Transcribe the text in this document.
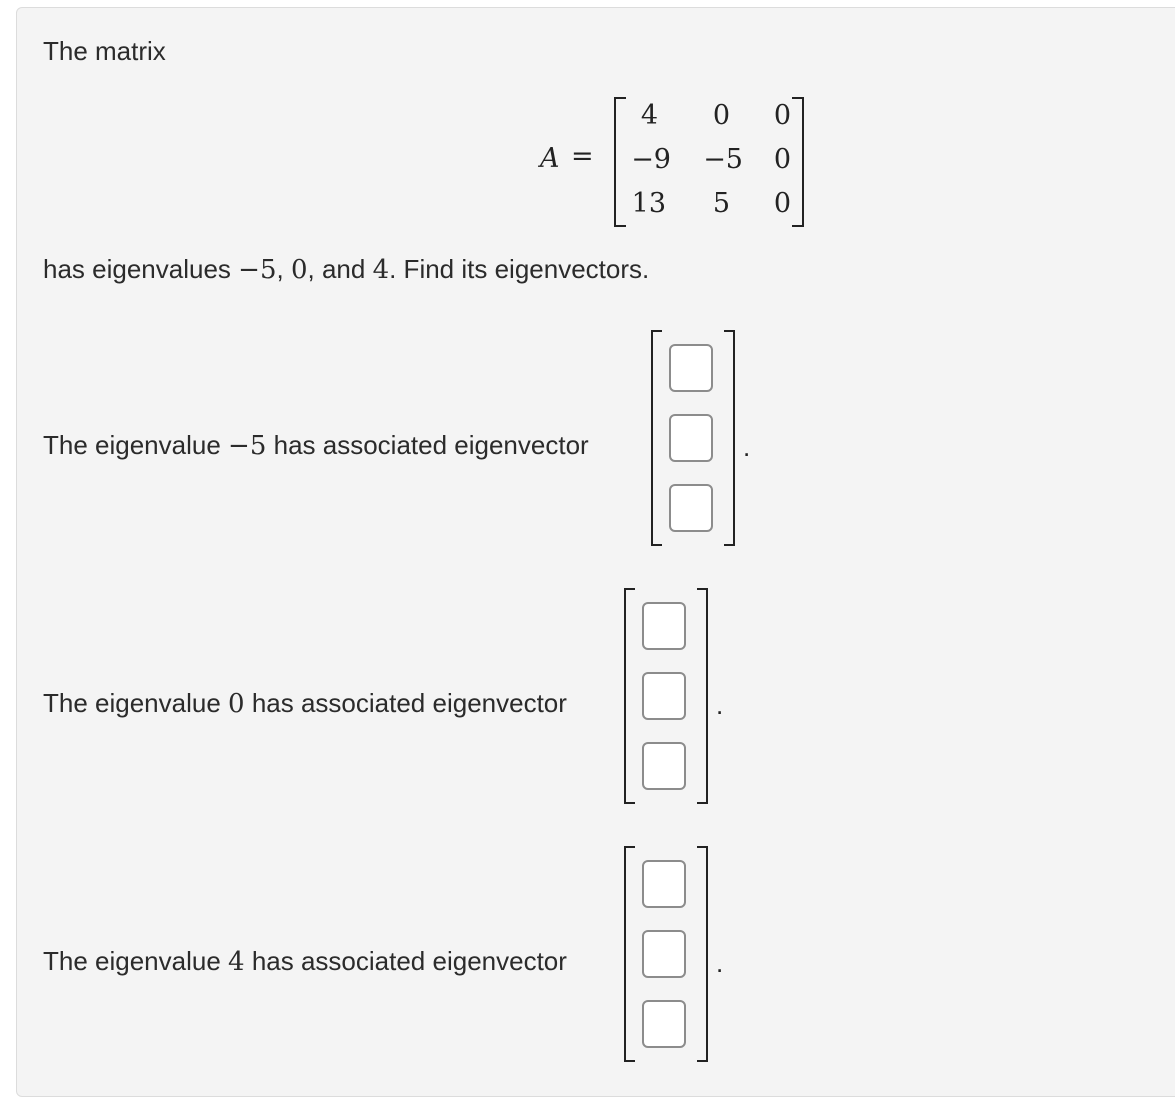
The matrix
A =
4	0	0
−9	−5	0
13	5	0
has eigenvalues −5, 0, and 4. Find its eigenvectors.
The eigenvalue −5 has associated eigenvector	.
The eigenvalue 0 has associated eigenvector	.
The eigenvalue 4 has associated eigenvector	.
